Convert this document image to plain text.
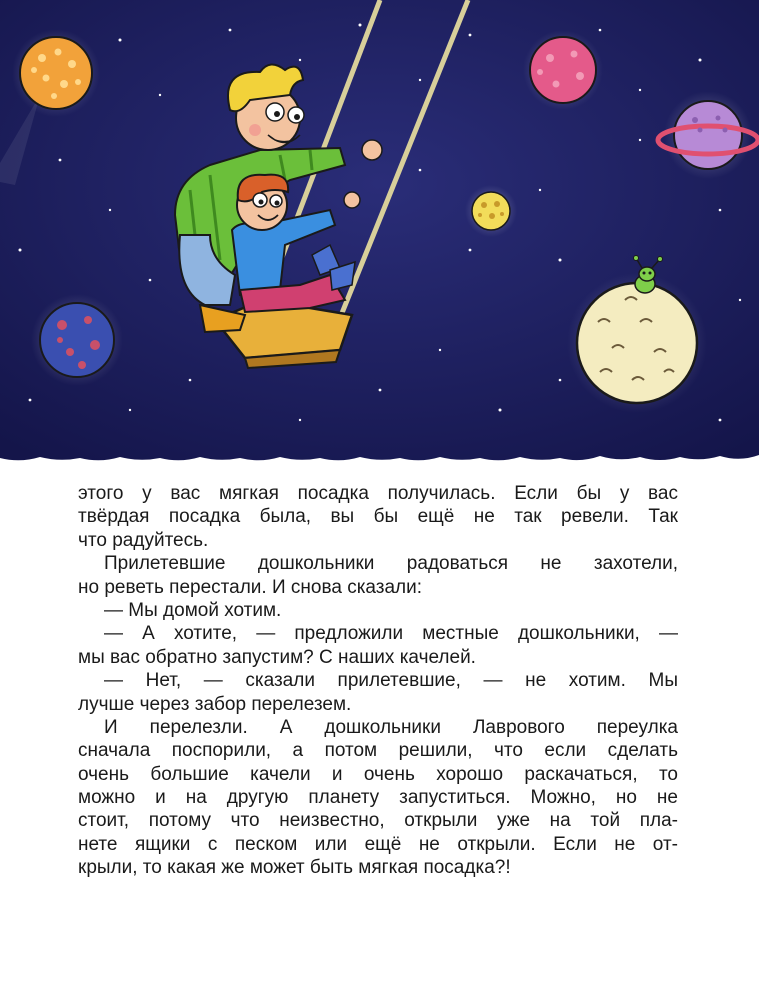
этого у вас мягкая посадка получилась. Если бы у вас
твёрдая посадка была, вы бы ещё не так ревели. Так
что радуйтесь.
Прилетевшие дошкольники радоваться не захотели,
но реветь перестали. И снова сказали:
— Мы домой хотим.
— А хотите, — предложили местные дошкольники, —
мы вас обратно запустим? С наших качелей.
— Нет, — сказали прилетевшие, — не хотим. Мы
лучше через забор перелезем.
И перелезли. А дошкольники Лаврового переулка
сначала поспорили, а потом решили, что если сделать
очень большие качели и очень хорошо раскачаться, то
можно и на другую планету запуститься. Можно, но не
стоит, потому что неизвестно, открыли уже на той пла-
нете ящики с песком или ещё не открыли. Если не от-
крыли, то какая же может быть мягкая посадка?!
